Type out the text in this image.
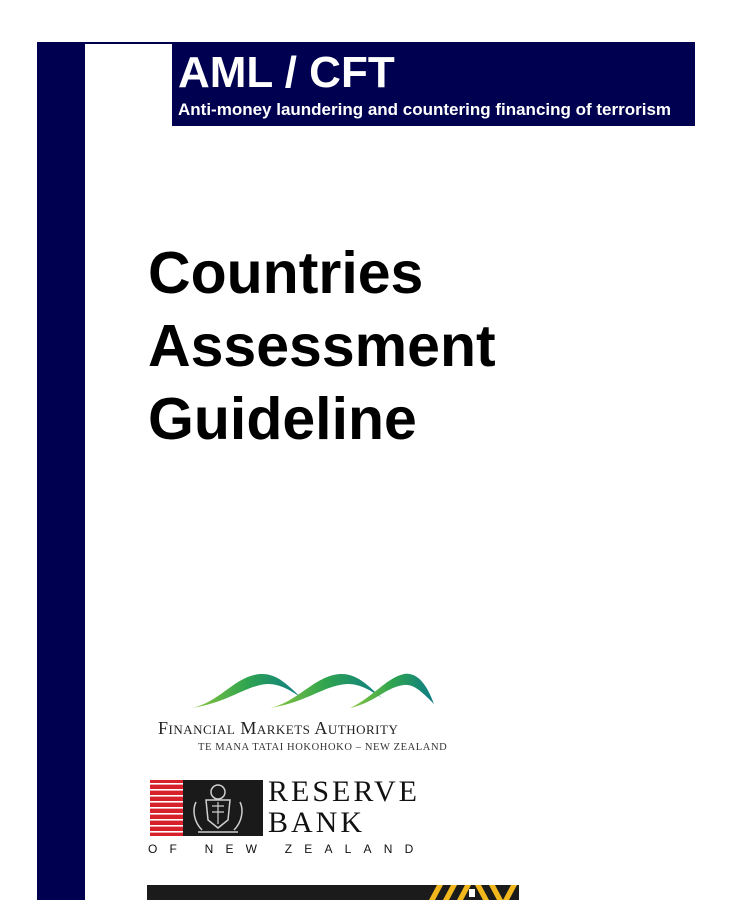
AML / CFT
Anti-money laundering and countering financing of terrorism
Countries
Assessment
Guideline
Financial Markets Authority
TE MANA TATAI HOKOHOKO – NEW ZEALAND
RESERVE
BANK
OF NEW ZEALAND
